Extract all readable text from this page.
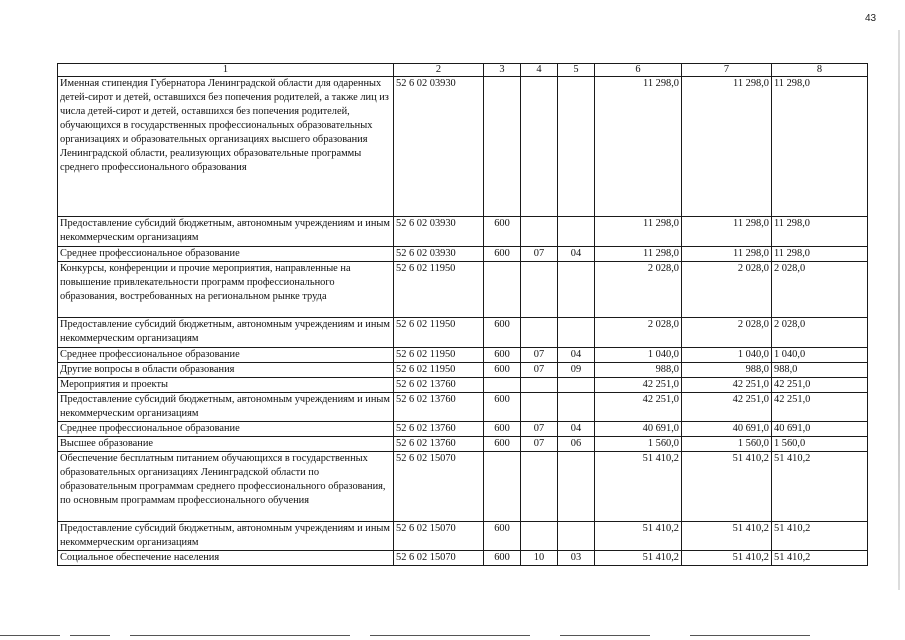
43
1	2	3	4	5	6	7	8
Именная стипендия Губернатора Ленинградской области для одаренных детей-сирот и детей, оставшихся без попечения родителей, а также лиц из числа детей-сирот и детей, оставшихся без попечения родителей, обучающихся в государственных профессиональных образовательных организациях и образовательных организациях высшего образования Ленинградской области, реализующих образовательные программы среднего профессионального образования	52 6 02 03930				11 298,0	11 298,0	11 298,0
Предоставление субсидий бюджетным, автономным учреждениям и иным некоммерческим организациям	52 6 02 03930	600			11 298,0	11 298,0	11 298,0
Среднее профессиональное образование	52 6 02 03930	600	07	04	11 298,0	11 298,0	11 298,0
Конкурсы, конференции и прочие мероприятия, направленные на повышение привлекательности программ профессионального образования, востребованных на региональном рынке труда	52 6 02 11950				2 028,0	2 028,0	2 028,0
Предоставление субсидий бюджетным, автономным учреждениям и иным некоммерческим организациям	52 6 02 11950	600			2 028,0	2 028,0	2 028,0
Среднее профессиональное образование	52 6 02 11950	600	07	04	1 040,0	1 040,0	1 040,0
Другие вопросы в области образования	52 6 02 11950	600	07	09	988,0	988,0	988,0
Мероприятия и проекты	52 6 02 13760				42 251,0	42 251,0	42 251,0
Предоставление субсидий бюджетным, автономным учреждениям и иным некоммерческим организациям	52 6 02 13760	600			42 251,0	42 251,0	42 251,0
Среднее профессиональное образование	52 6 02 13760	600	07	04	40 691,0	40 691,0	40 691,0
Высшее образование	52 6 02 13760	600	07	06	1 560,0	1 560,0	1 560,0
Обеспечение бесплатным питанием обучающихся в государственных образовательных организациях Ленинградской области по образовательным программам среднего профессионального образования, по основным программам профессионального обучения	52 6 02 15070				51 410,2	51 410,2	51 410,2
Предоставление субсидий бюджетным, автономным учреждениям и иным некоммерческим организациям	52 6 02 15070	600			51 410,2	51 410,2	51 410,2
Социальное обеспечение населения	52 6 02 15070	600	10	03	51 410,2	51 410,2	51 410,2
